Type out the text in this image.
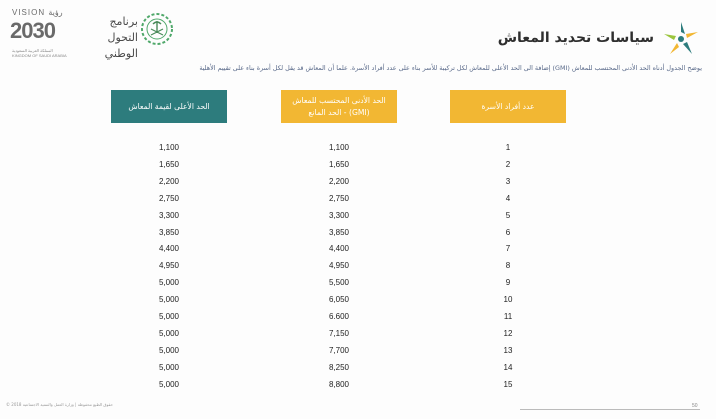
VISION رؤية
2030
المملكة العربية السعودية KINGDOM OF SAUDI ARABIA
برنامج التحول الوطني
سياسات تحديد المعاش
يوضح الجدول أدناه الحد الأدنى المحتسب للمعاش (GMI) إضافة الى الحد الأعلى للمعاش لكل تركيبة للأسر بناء على عدد أفراد الأسرة. علما أن المعاش قد يقل لكل أسرة بناء على تقييم الأهلية
عدد أفراد الأسرة
1
2
3
4
5
6
7
8
9
10
11
12
13
14
15
الحد الأدنى المحتسب للمعاش (GMI) - الحد المانع
1,100
1,650
2,200
2,750
3,300
3,850
4,400
4,950
5,500
6,050
6.600
7,150
7,700
8,250
8,800
الحد الأعلى لقيمة المعاش
1,100
1,650
2,200
2,750
3,300
3,850
4,400
4,950
5,000
5,000
5,000
5,000
5,000
5,000
5,000
© 2018 حقوق الطبع محفوظة | وزارة العمل والتنمية الاجتماعية	50
